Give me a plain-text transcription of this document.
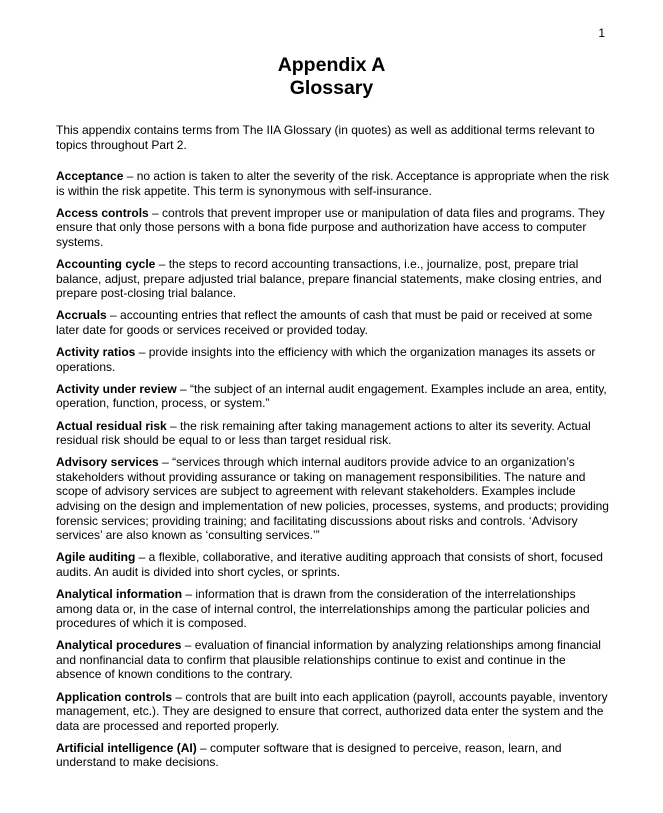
1
Appendix A
Glossary

This appendix contains terms from The IIA Glossary (in quotes) as well as additional terms relevant to topics throughout Part 2.

Acceptance – no action is taken to alter the severity of the risk. Acceptance is appropriate when the risk is within the risk appetite. This term is synonymous with self-insurance.

Access controls – controls that prevent improper use or manipulation of data files and programs. They ensure that only those persons with a bona fide purpose and authorization have access to computer systems.

Accounting cycle – the steps to record accounting transactions, i.e., journalize, post, prepare trial balance, adjust, prepare adjusted trial balance, prepare financial statements, make closing entries, and prepare post-closing trial balance.

Accruals – accounting entries that reflect the amounts of cash that must be paid or received at some later date for goods or services received or provided today.

Activity ratios – provide insights into the efficiency with which the organization manages its assets or operations.

Activity under review – “the subject of an internal audit engagement. Examples include an area, entity, operation, function, process, or system.”

Actual residual risk – the risk remaining after taking management actions to alter its severity. Actual residual risk should be equal to or less than target residual risk.

Advisory services – “services through which internal auditors provide advice to an organization’s stakeholders without providing assurance or taking on management responsibilities. The nature and scope of advisory services are subject to agreement with relevant stakeholders. Examples include advising on the design and implementation of new policies, processes, systems, and products; providing forensic services; providing training; and facilitating discussions about risks and controls. ‘Advisory services’ are also known as ‘consulting services.’”

Agile auditing – a flexible, collaborative, and iterative auditing approach that consists of short, focused audits. An audit is divided into short cycles, or sprints.

Analytical information – information that is drawn from the consideration of the interrelationships among data or, in the case of internal control, the interrelationships among the particular policies and procedures of which it is composed.

Analytical procedures – evaluation of financial information by analyzing relationships among financial and nonfinancial data to confirm that plausible relationships continue to exist and continue in the absence of known conditions to the contrary.

Application controls – controls that are built into each application (payroll, accounts payable, inventory management, etc.). They are designed to ensure that correct, authorized data enter the system and the data are processed and reported properly.

Artificial intelligence (AI) – computer software that is designed to perceive, reason, learn, and understand to make decisions.
